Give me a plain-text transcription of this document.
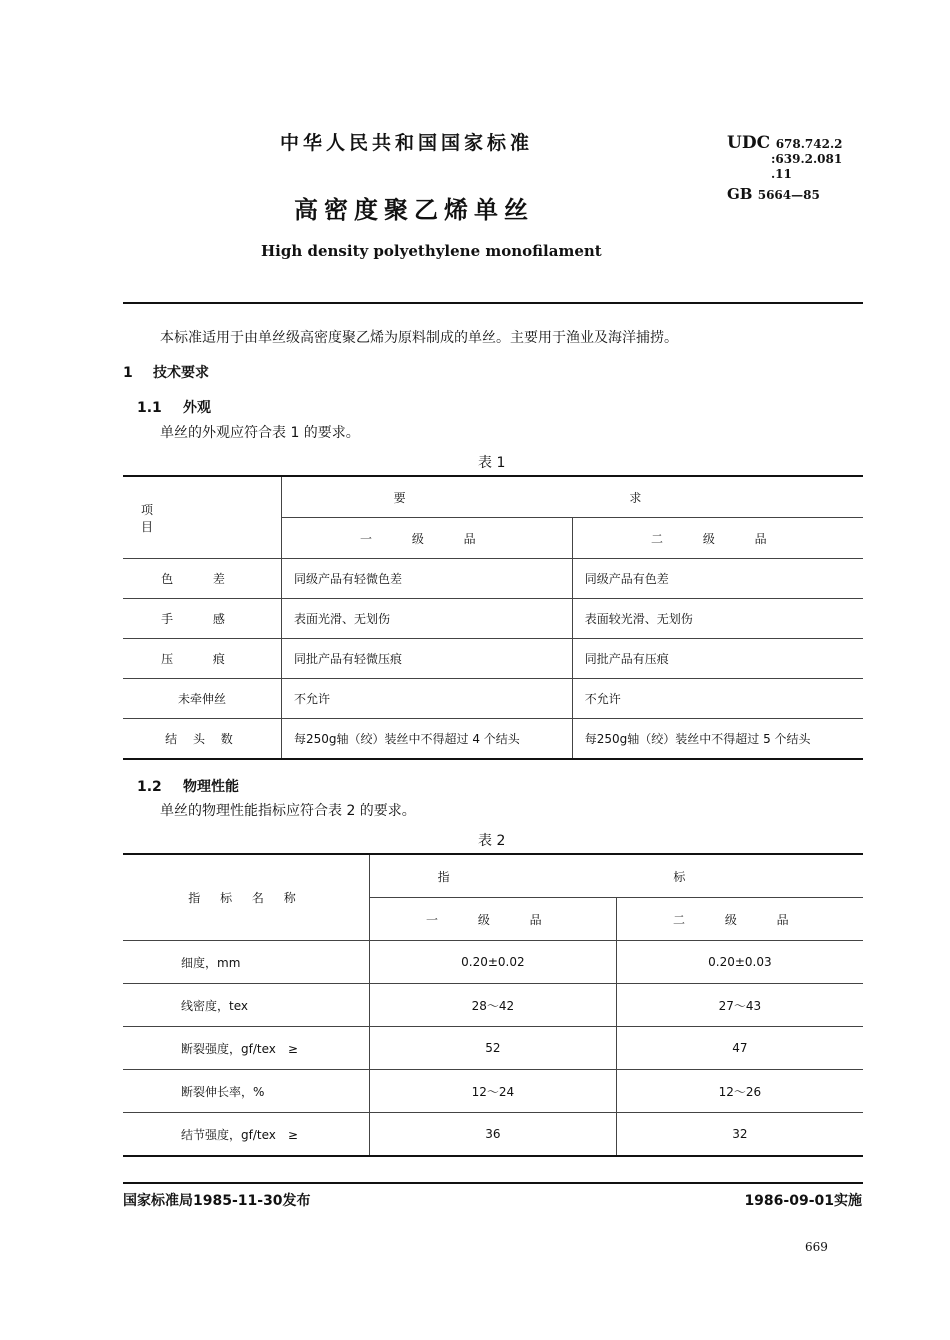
中华人民共和国国家标准
高密度聚乙烯单丝
High density polyethylene monofilament
UDC 678.742.2
:639.2.081
.11
GB 5664—85
本标准适用于由单丝级高密度聚乙烯为原料制成的单丝。主要用于渔业及海洋捕捞。
1 技术要求
1.1 外观
单丝的外观应符合表 1 的要求。
表 1
项 目	要 求	
	一 级 品	二 级 品
色 差	同级产品有轻微色差	同级产品有色差
手 感	表面光滑、无划伤	表面较光滑、无划伤
压 痕	同批产品有轻微压痕	同批产品有压痕
未牵伸丝	不允许	不允许
结 头 数	每250g轴（绞）装丝中不得超过 4 个结头	每250g轴（绞）装丝中不得超过 5 个结头
1.2 物理性能
单丝的物理性能指标应符合表 2 的要求。
表 2
指 标 名 称	指 标	
	一 级 品	二 级 品
细度，mm	0.20±0.02	0.20±0.03
线密度，tex	28～42	27～43
断裂强度，gf/tex　≥	52	47
断裂伸长率，%	12～24	12～26
结节强度，gf/tex　≥	36	32
国家标准局1985-11-30发布	1986-09-01实施
669
